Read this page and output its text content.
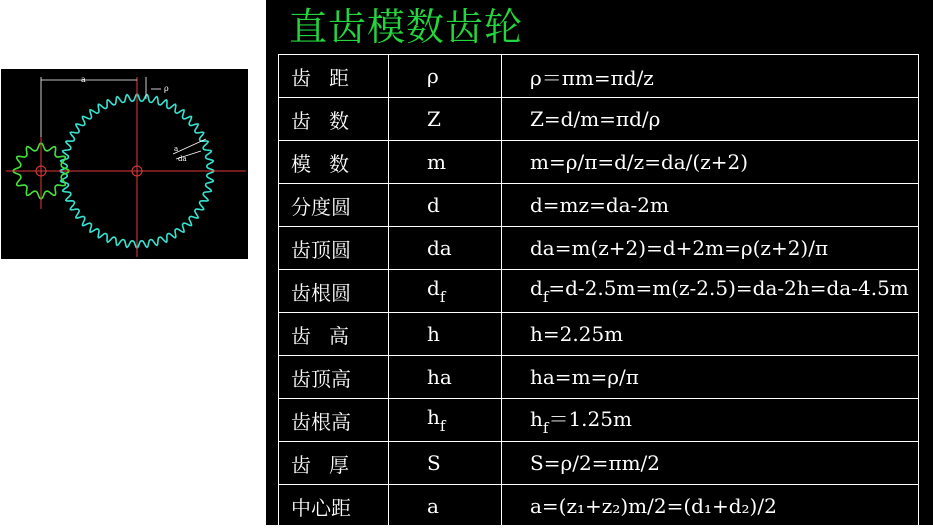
a
ρ
a
da
直齿模数齿轮
齿距	ρ	ρ＝πm=πd/z
齿数	Z	Z=d/m=πd/ρ
模数	m	m=ρ/π=d/z=da/(z+2)
分度圆	d	d=mz=da-2m
齿顶圆	da	da=m(z+2)=d+2m=ρ(z+2)/π
齿根圆	$d_f$	$d_f=d-2.5m=m(z-2.5)=da-2h=da-4.5m$
齿高	h	h=2.25m
齿顶高	ha	ha=m=ρ/π
齿根高	$h_f$	$h_f=1.25m$
齿厚	S	S=ρ/2=πm/2
中心距	a	a=(z₁+z₂)m/2=(d₁+d₂)/2
